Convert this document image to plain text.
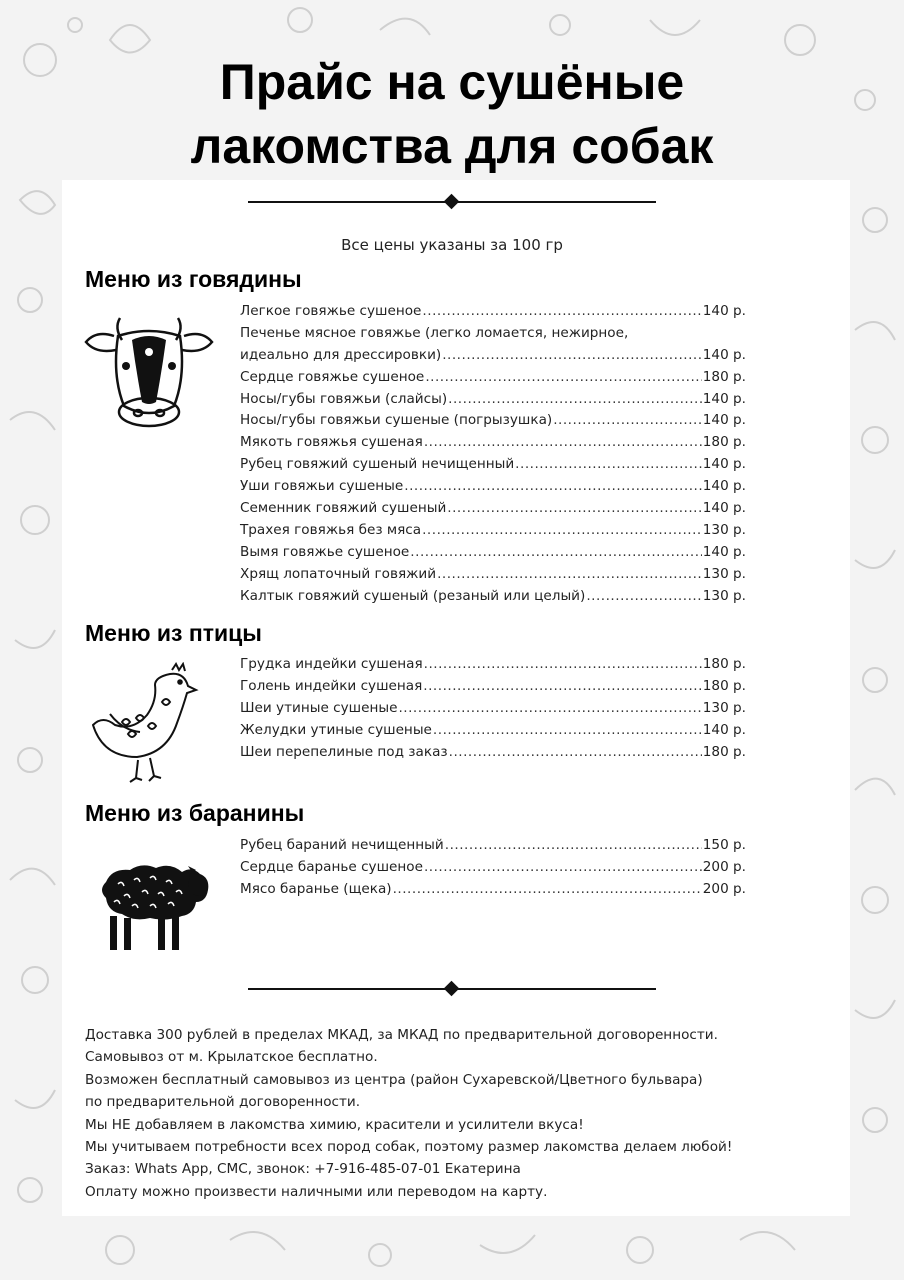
Прайс на сушёные
лакомства для собак
Все цены указаны за 100 гр
Меню из говядины
Легкое говяжье сушеное .....	140 р.
Печенье мясное говяжье (легко ломается, нежирное,
идеально для дрессировки) .....	140 р.
Сердце говяжье сушеное .....	180 р.
Носы/губы говяжьи (слайсы) .....	140 р.
Носы/губы говяжьи сушеные (погрызушка) .....	140 р.
Мякоть говяжья сушеная .....	180 р.
Рубец говяжий сушеный нечищенный .....	140 р.
Уши говяжьи сушеные .....	140 р.
Семенник говяжий сушеный .....	140 р.
Трахея говяжья без мяса .....	130 р.
Вымя говяжье сушеное .....	140 р.
Хрящ лопаточный говяжий .....	130 р.
Калтык говяжий сушеный (резаный или целый) .....	130 р.
Меню из птицы
Грудка индейки сушеная .....	180 р.
Голень индейки сушеная .....	180 р.
Шеи утиные сушеные .....	130 р.
Желудки утиные сушеные .....	140 р.
Шеи перепелиные под заказ .....	180 р.
Меню из баранины
Рубец бараний нечищенный .....	150 р.
Сердце баранье сушеное .....	200 р.
Мясо баранье (щека) .....	200 р.
Доставка 300 рублей в пределах МКАД, за МКАД по предварительной договоренности.
Самовывоз от м. Крылатское бесплатно.
Возможен бесплатный самовывоз из центра (район Сухаревской/Цветного бульвара)
по предварительной договоренности.
Мы НЕ добавляем в лакомства химию, красители и усилители вкуса!
Мы учитываем потребности всех пород собак, поэтому размер лакомства делаем любой!
Заказ: Whats App, СМС, звонок: +7-916-485-07-01 Екатерина
Оплату можно произвести наличными или переводом на карту.
